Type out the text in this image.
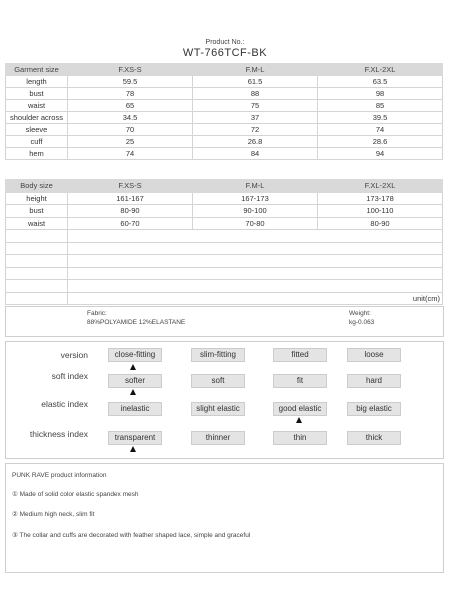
Product No.:
WT-766TCF-BK
Garment size	F.XS-S	F.M-L	F.XL-2XL
length	59.5	61.5	63.5
bust	78	88	98
waist	65	75	85
shoulder across	34.5	37	39.5
sleeve	70	72	74
cuff	25	26.8	28.6
hem	74	84	94
Body size	F.XS-S	F.M-L	F.XL-2XL
height	161-167	167-173	173-178
bust	80-90	90-100	100-110
waist	60-70	70-80	80-90

	unit(cm)		
Fabric:
88%POLYAMIDE 12%ELASTANE
Weight:
kg-0.063
version	close-fitting	slim-fitting	fitted	loose
soft index	softer	soft	fit	hard
elastic index	inelastic	slight elastic	good elastic	big elastic
thickness index	transparent	thinner	thin	thick
PUNK RAVE product information
① Made of solid color elastic spandex mesh
② Medium high neck, slim fit
③ The collar and cuffs are decorated with feather shaped lace, simple and graceful
